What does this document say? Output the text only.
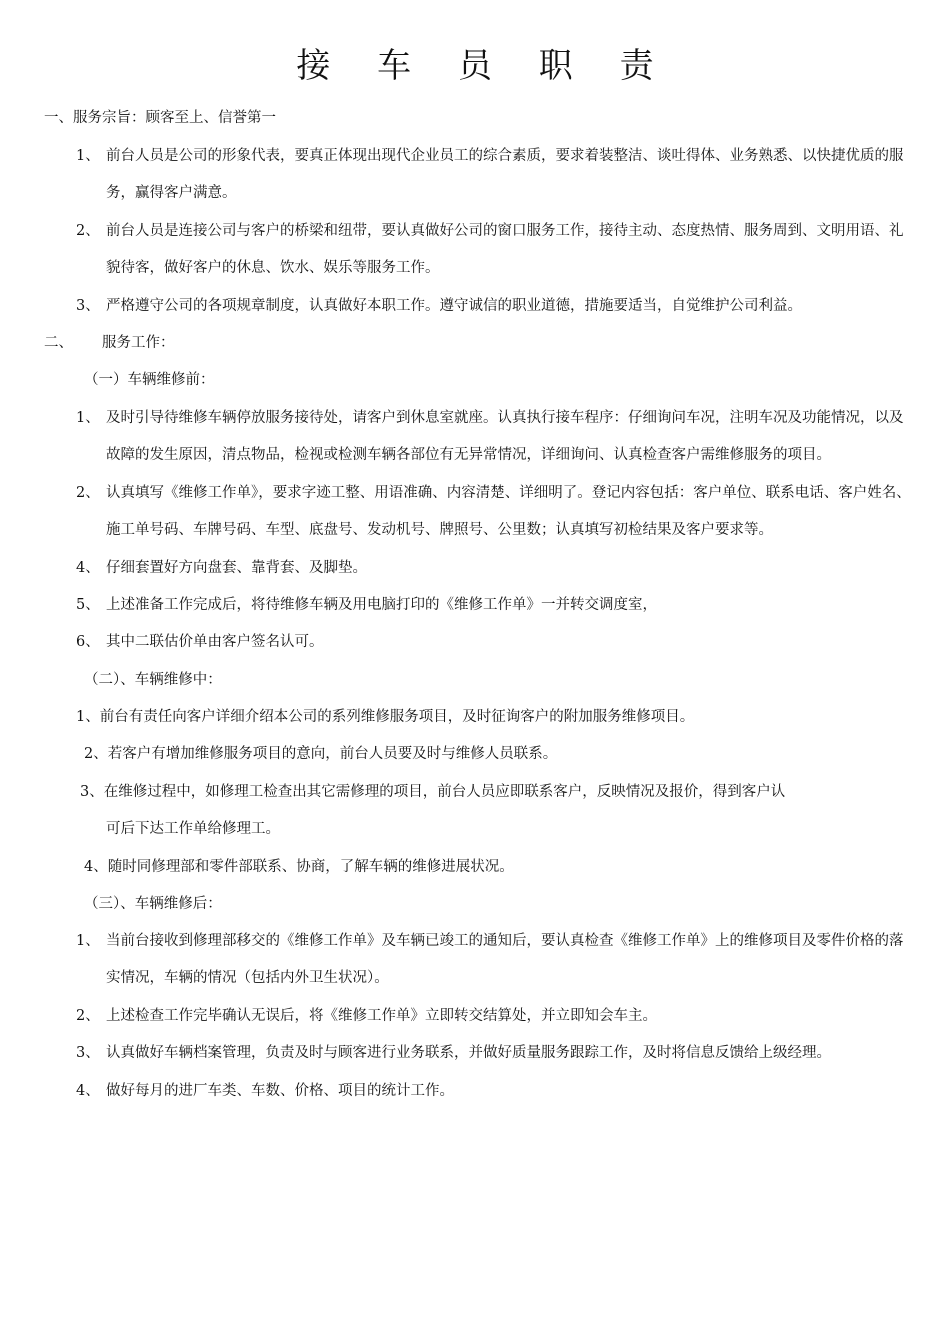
接 车 员 职 责
一、服务宗旨：顾客至上、信誉第一
1、 前台人员是公司的形象代表，要真正体现出现代企业员工的综合素质，要求着装整洁、谈吐得体、业务熟悉、以快捷优质的服
务，赢得客户满意。
2、 前台人员是连接公司与客户的桥梁和纽带，要认真做好公司的窗口服务工作，接待主动、态度热情、服务周到、文明用语、礼
貌待客，做好客户的休息、饮水、娱乐等服务工作。
3、 严格遵守公司的各项规章制度，认真做好本职工作。遵守诚信的职业道德，措施要适当，自觉维护公司利益。
二、 服务工作：
（一）车辆维修前：
1、 及时引导待维修车辆停放服务接待处，请客户到休息室就座。认真执行接车程序：仔细询问车况，注明车况及功能情况，以及
故障的发生原因，清点物品，检视或检测车辆各部位有无异常情况，详细询问、认真检查客户需维修服务的项目。
2、 认真填写《维修工作单》，要求字迹工整、用语准确、内容清楚、详细明了。登记内容包括：客户单位、联系电话、客户姓名、
施工单号码、车牌号码、车型、底盘号、发动机号、牌照号、公里数；认真填写初检结果及客户要求等。
4、 仔细套置好方向盘套、靠背套、及脚垫。
5、 上述准备工作完成后，将待维修车辆及用电脑打印的《维修工作单》一并转交调度室，
6、 其中二联估价单由客户签名认可。
（二）、车辆维修中：
1、前台有责任向客户详细介绍本公司的系列维修服务项目，及时征询客户的附加服务维修项目。
2、若客户有增加维修服务项目的意向，前台人员要及时与维修人员联系。
3、在维修过程中，如修理工检查出其它需修理的项目，前台人员应即联系客户，反映情况及报价，得到客户认
可后下达工作单给修理工。
4、随时同修理部和零件部联系、协商，了解车辆的维修进展状况。
（三）、车辆维修后：
1、 当前台接收到修理部移交的《维修工作单》及车辆已竣工的通知后，要认真检查《维修工作单》上的维修项目及零件价格的落
实情况，车辆的情况（包括内外卫生状况）。
2、 上述检查工作完毕确认无误后，将《维修工作单》立即转交结算处，并立即知会车主。
3、 认真做好车辆档案管理，负责及时与顾客进行业务联系，并做好质量服务跟踪工作，及时将信息反馈给上级经理。
4、 做好每月的进厂车类、车数、价格、项目的统计工作。
